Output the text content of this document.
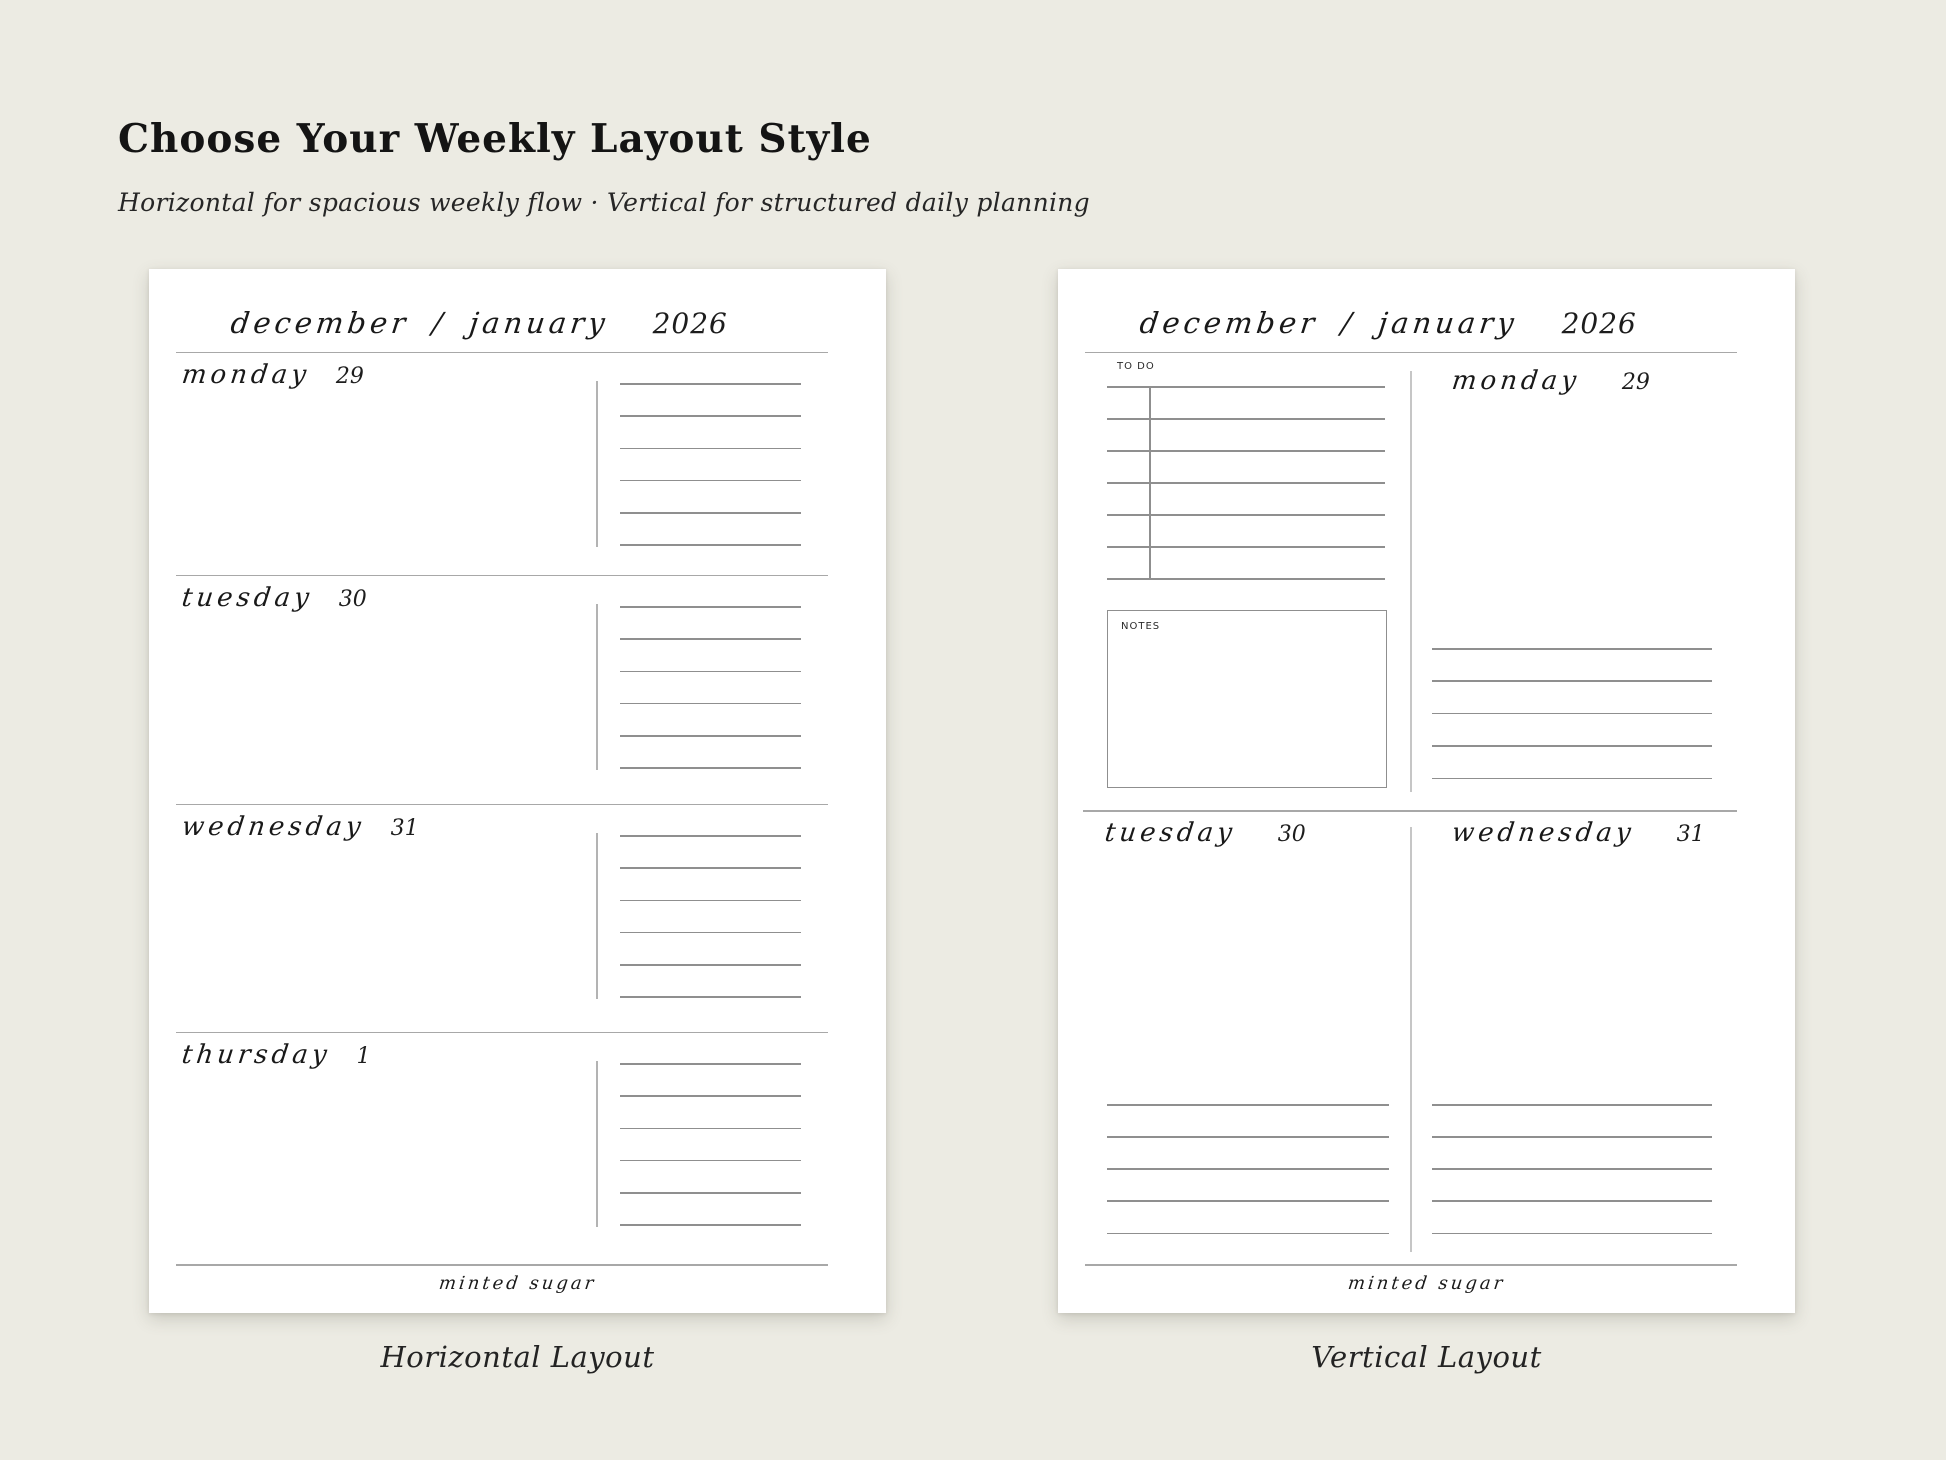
Choose Your Weekly Layout Style

Horizontal for spacious weekly flow · Vertical for structured daily planning

december / january 2026
monday 29
tuesday 30
wednesday 31
thursday 1
minted sugar
Horizontal Layout
december / january 2026
TO DO
NOTES
monday 29
tuesday 30	wednesday 31
minted sugar
Vertical Layout
